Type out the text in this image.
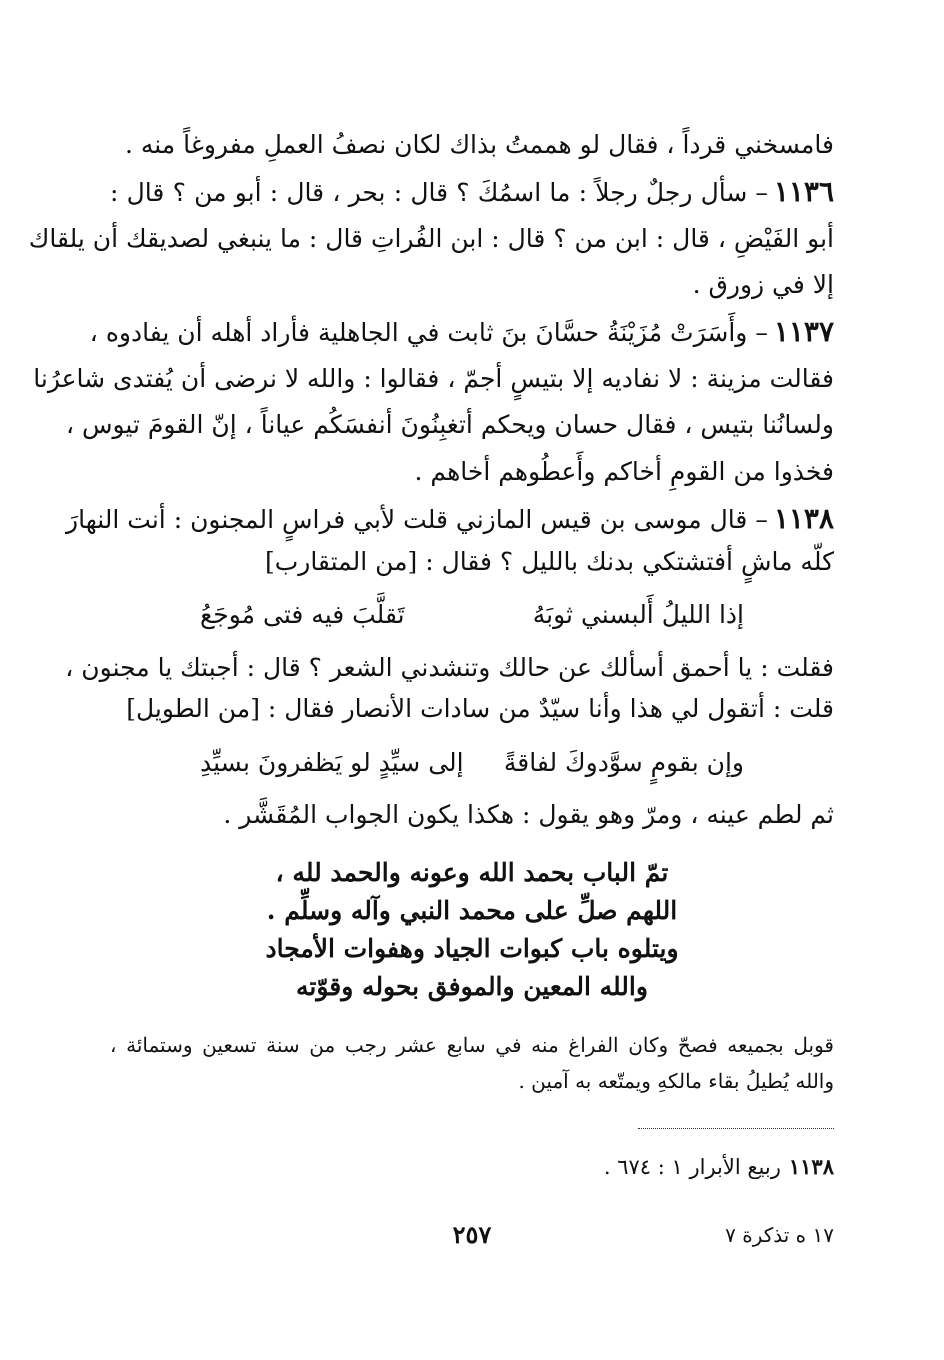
فامسخني قرداً ، فقال لو هممتُ بذاك لكان نصفُ العملِ مفروغاً منه .
١١٣٦–سأل رجلٌ رجلاً : ما اسمُكَ ؟ قال : بحر ، قال : أبو من ؟ قال :
أبو الفَيْضِ ، قال : ابن من ؟ قال : ابن الفُراتِ قال : ما ينبغي لصديقك أن يلقاك
إلا في زورق .
١١٣٧–وأَسَرَتْ مُزَيْنَةُ حسَّانَ بنَ ثابت في الجاهلية فأراد أهله أن يفادوه ،
فقالت مزينة : لا نفاديه إلا بتيسٍ أجمّ ، فقالوا : والله لا نرضى أن يُفتدى شاعرُنا
ولسانُنا بتيس ، فقال حسان ويحكم أتغبِنُونَ أنفسَكُم عياناً ، إنّ القومَ تيوس ،
فخذوا من القومِ أخاكم وأَعطُوهم أخاهم .
١١٣٨–قال موسى بن قيس المازني قلت لأبي فراسٍ المجنون : أنت النهارَ
كلّه ماشٍ أفتشتكي بدنك بالليل ؟ فقال : [من المتقارب]
إذا الليلُ أَلبسني ثوبَهُ
تَقلَّبَ فيه فتى مُوجَعُ
فقلت : يا أحمق أسألك عن حالك وتنشدني الشعر ؟ قال : أجبتك يا مجنون ،
قلت : أتقول لي هذا وأنا سيّدٌ من سادات الأنصار فقال : [من الطويل]
وإن بقومٍ سوَّدوكَ لفاقةً
إلى سيِّدٍ لو يَظفرونَ بسيِّدِ
ثم لطم عينه ، ومرّ وهو يقول : هكذا يكون الجواب المُقَشَّر .
تمّ الباب بحمد الله وعونه والحمد لله ،
اللهم صلِّ على محمد النبي وآله وسلِّم .
ويتلوه باب كبوات الجياد وهفوات الأمجاد
والله المعين والموفق بحوله وقوّته
قوبل بجميعه فصحّ وكان الفراغ منه في سابع عشر رجب من سنة تسعين وستمائة ،
والله يُطيلُ بقاء مالكهِ ويمتّعه به آمين .
١١٣٨ربيع الأبرار ١ : ٦٧٤ .
٢٥٧	١٧ ه تذكرة ٧
